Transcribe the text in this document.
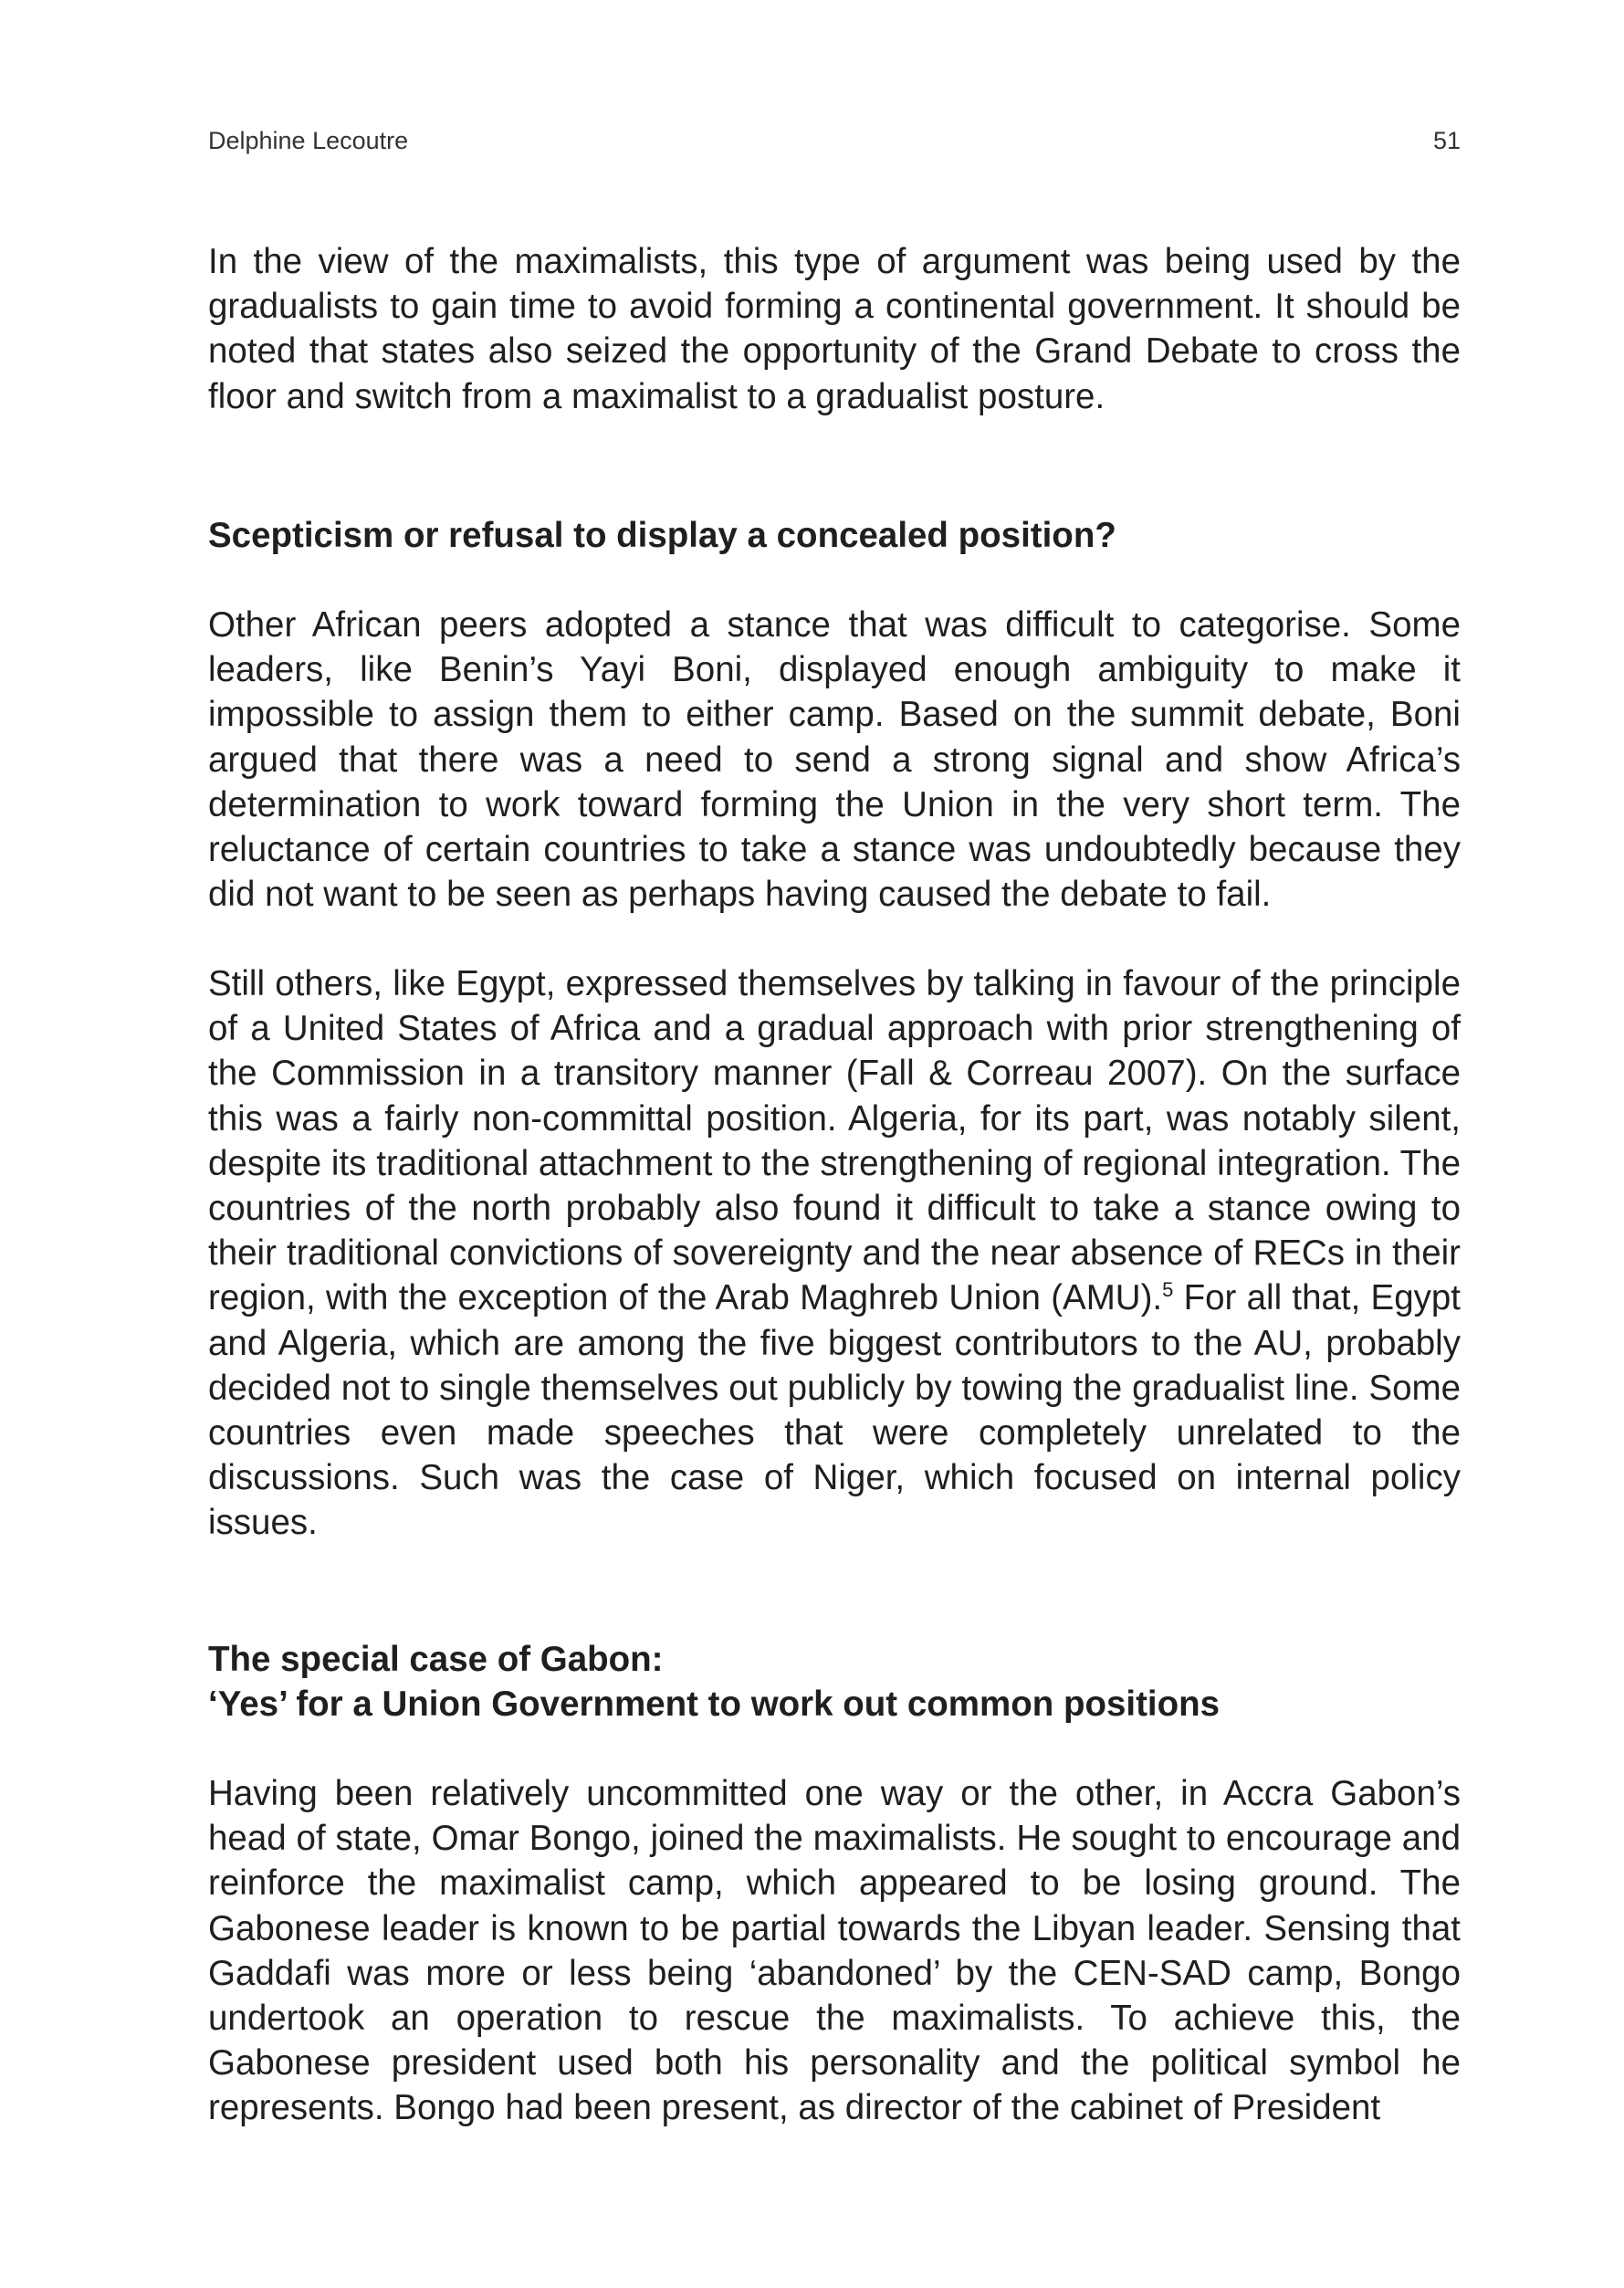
Delphine Lecoutre	51

In the view of the maximalists, this type of argument was being used by the gradualists to gain time to avoid forming a continental government. It should be noted that states also seized the opportunity of the Grand Debate to cross the floor and switch from a maximalist to a gradualist posture.

Scepticism or refusal to display a concealed position?

Other African peers adopted a stance that was difficult to categorise. Some leaders, like Benin’s Yayi Boni, displayed enough ambiguity to make it impossible to assign them to either camp. Based on the summit debate, Boni argued that there was a need to send a strong signal and show Africa’s determination to work toward forming the Union in the very short term. The reluctance of certain countries to take a stance was undoubtedly because they did not want to be seen as perhaps having caused the debate to fail.

Still others, like Egypt, expressed themselves by talking in favour of the principle of a United States of Africa and a gradual approach with prior strengthening of the Commission in a transitory manner (Fall & Correau 2007). On the surface this was a fairly non-committal position. Algeria, for its part, was notably silent, despite its traditional attachment to the strengthening of regional integration. The countries of the north probably also found it difficult to take a stance owing to their traditional convictions of sovereignty and the near absence of RECs in their region, with the exception of the Arab Maghreb Union (AMU).$^5$ For all that, Egypt and Algeria, which are among the five biggest contributors to the AU, probably decided not to single themselves out publicly by towing the gradualist line. Some countries even made speeches that were completely unrelated to the discussions. Such was the case of Niger, which focused on internal policy issues.

The special case of Gabon:
‘Yes’ for a Union Government to work out common positions

Having been relatively uncommitted one way or the other, in Accra Gabon’s head of state, Omar Bongo, joined the maximalists. He sought to encourage and reinforce the maximalist camp, which appeared to be losing ground. The Gabonese leader is known to be partial towards the Libyan leader. Sensing that Gaddafi was more or less being ‘abandoned’ by the CEN-SAD camp, Bongo undertook an operation to rescue the maximalists. To achieve this, the Gabonese president used both his personality and the political symbol he represents. Bongo had been present, as director of the cabinet of President
